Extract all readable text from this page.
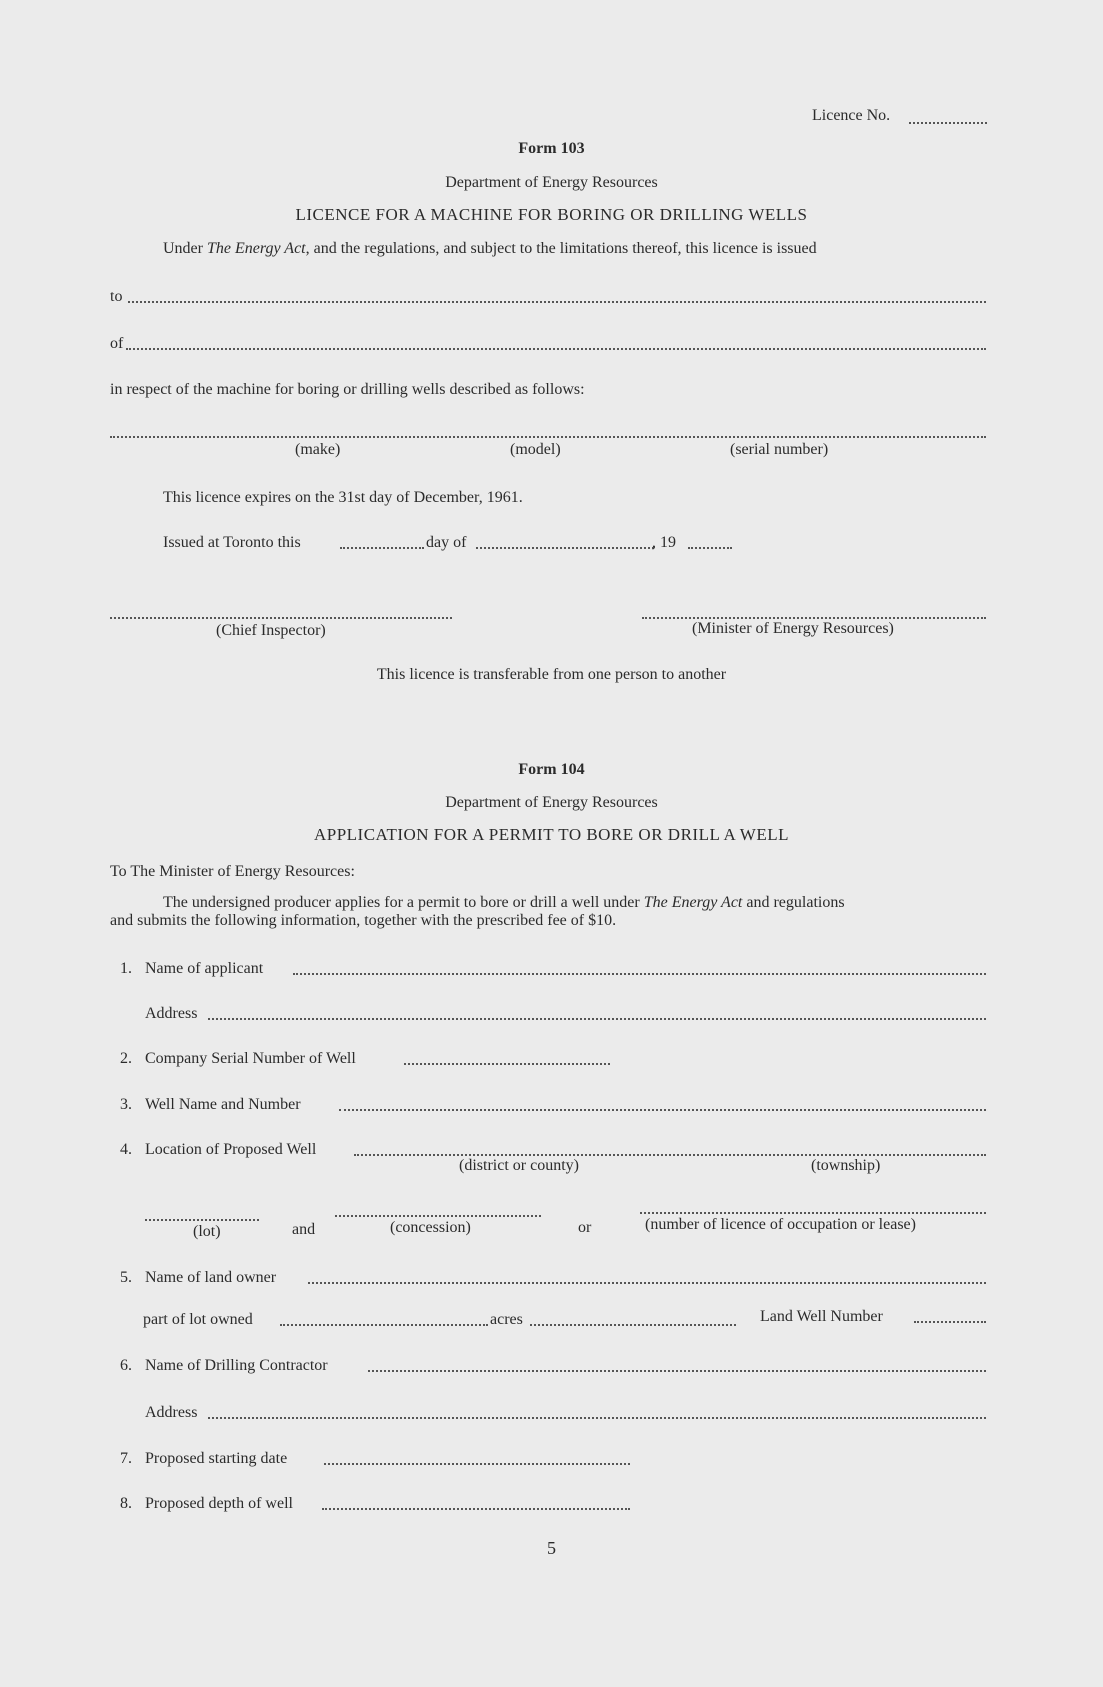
Licence No.
Form 103
Department of Energy Resources
LICENCE FOR A MACHINE FOR BORING OR DRILLING WELLS
Under The Energy Act, and the regulations, and subject to the limitations thereof, this licence is issued
to
of
in respect of the machine for boring or drilling wells described as follows:
(make)	(model)	(serial number)
This licence expires on the 31st day of December, 1961.
Issued at Toronto this	day of	, 19
(Chief Inspector)	(Minister of Energy Resources)
This licence is transferable from one person to another
Form 104
Department of Energy Resources
APPLICATION FOR A PERMIT TO BORE OR DRILL A WELL
To The Minister of Energy Resources:
The undersigned producer applies for a permit to bore or drill a well under The Energy Act and regulations
and submits the following information, together with the prescribed fee of $10.
1. Name of applicant
Address
2. Company Serial Number of Well
3. Well Name and Number
4. Location of Proposed Well
(district or county)	(township)
(lot)	and	(concession)	or	(number of licence of occupation or lease)
5. Name of land owner
part of lot owned	acres	Land Well Number
6. Name of Drilling Contractor
Address
7. Proposed starting date
8. Proposed depth of well
5
